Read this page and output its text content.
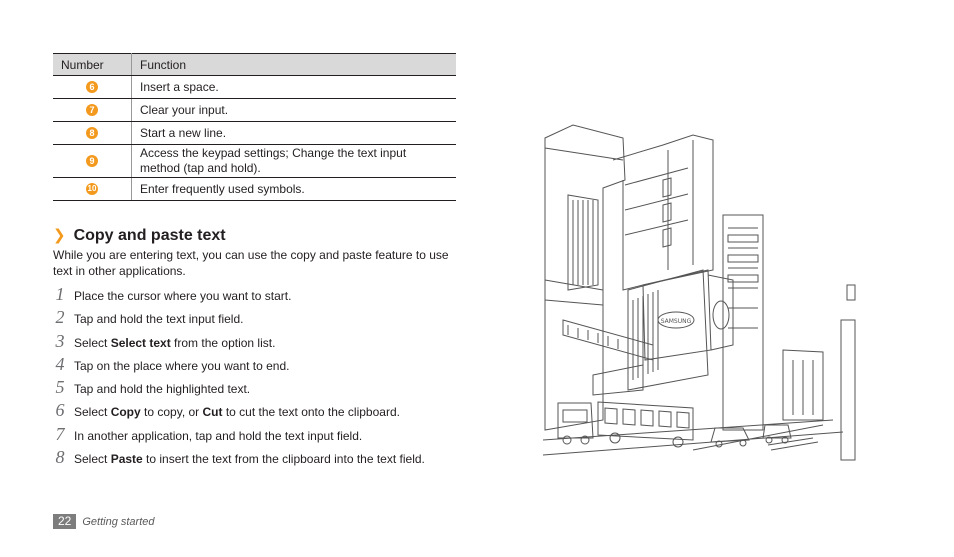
Number	Function
6	Insert a space.
7	Clear your input.
8	Start a new line.
9	Access the keypad settings; Change the text input method (tap and hold).
10	Enter frequently used symbols.
❯ Copy and paste text
While you are entering text, you can use the copy and paste feature to use text in other applications.
1 Place the cursor where you want to start.
2 Tap and hold the text input field.
3 Select Select text from the option list.
4 Tap on the place where you want to end.
5 Tap and hold the highlighted text.
6 Select Copy to copy, or Cut to cut the text onto the clipboard.
7 In another application, tap and hold the text input field.
8 Select Paste to insert the text from the clipboard into the text field.
22 Getting started
SAMSUNG
